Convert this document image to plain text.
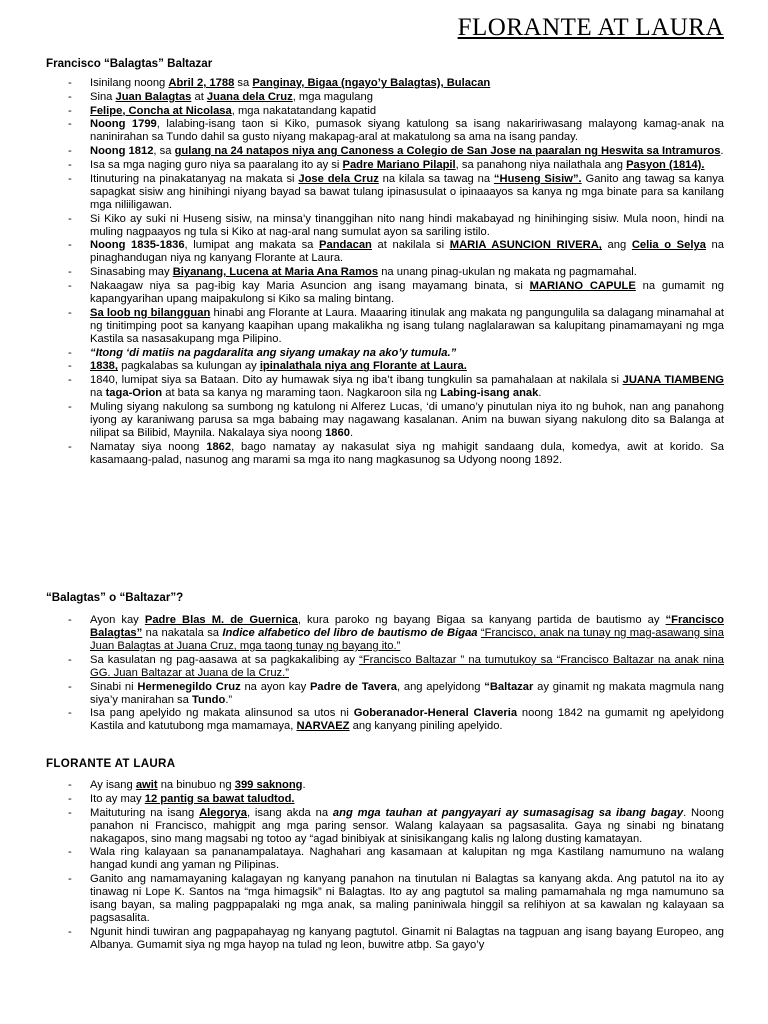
FLORANTE AT LAURA
Francisco “Balagtas” Baltazar
- Isinilang noong Abril 2, 1788 sa Panginay, Bigaa (ngayo’y Balagtas), Bulacan
- Sina Juan Balagtas at Juana dela Cruz, mga magulang
- Felipe, Concha at Nicolasa, mga nakatatandang kapatid
- Noong 1799, lalabing-isang taon si Kiko, pumasok siyang katulong sa isang nakaririwasang malayong kamag-anak na naninirahan sa Tundo dahil sa gusto niyang makapag-aral at makatulong sa ama na isang panday.
- Noong 1812, sa gulang na 24 natapos niya ang Canoness a Colegio de San Jose na paaralan ng Heswita sa Intramuros.
- Isa sa mga naging guro niya sa paaralang ito ay si Padre Mariano Pilapil, sa panahong niya nailathala ang Pasyon (1814).
- Itinuturing na pinakatanyag na makata si Jose dela Cruz na kilala sa tawag na “Huseng Sisiw”. Ganito ang tawag sa kanya sapagkat sisiw ang hinihingi niyang bayad sa bawat tulang ipinasusulat o ipinaaayos sa kanya ng mga binate para sa kanilang mga niliiligawan.
- Si Kiko ay suki ni Huseng sisiw, na minsa’y tinanggihan nito nang hindi makabayad ng hinihinging sisiw. Mula noon, hindi na muling nagpaayos ng tula si Kiko at nag-aral nang sumulat ayon sa sariling istilo.
- Noong 1835-1836, lumipat ang makata sa Pandacan at nakilala si MARIA ASUNCION RIVERA, ang Celia o Selya na pinaghandugan niya ng kanyang Florante at Laura.
- Sinasabing may Biyanang, Lucena at Maria Ana Ramos na unang pinag-ukulan ng makata ng pagmamahal.
- Nakaagaw niya sa pag-ibig kay Maria Asuncion ang isang mayamang binata, si MARIANO CAPULE na gumamit ng kapangyarihan upang maipakulong si Kiko sa maling bintang.
- Sa loob ng bilangguan hinabi ang Florante at Laura. Maaaring itinulak ang makata ng pangungulila sa dalagang minamahal at ng tinitimping poot sa kanyang kaapihan upang makalikha ng isang tulang naglalarawan sa kalupitang pinamamayani ng mga Kastila sa nasasakupang mga Pilipino.
- “Itong ‘di matiis na pagdaralita ang siyang umakay na ako’y tumula.”
- 1838, pagkalabas sa kulungan ay ipinalathala niya ang Florante at Laura.
- 1840, lumipat siya sa Bataan. Dito ay humawak siya ng iba’t ibang tungkulin sa pamahalaan at nakilala si JUANA TIAMBENG na taga-Orion at bata sa kanya ng maraming taon. Nagkaroon sila ng Labing-isang anak.
- Muling siyang nakulong sa sumbong ng katulong ni Alferez Lucas, ‘di umano’y pinutulan niya ito ng buhok, nan ang panahong iyong ay karaniwang parusa sa mga babaing may nagawang kasalanan. Anim na buwan siyang nakulong dito sa Balanga at nilipat sa Bilibid, Maynila. Nakalaya siya noong 1860.
- Namatay siya noong 1862, bago namatay ay nakasulat siya ng mahigit sandaang dula, komedya, awit at korido. Sa kasamaang-palad, nasunog ang marami sa mga ito nang magkasunog sa Udyong noong 1892.
“Balagtas” o “Baltazar”?
- Ayon kay Padre Blas M. de Guernica, kura paroko ng bayang Bigaa sa kanyang partida de bautismo ay “Francisco Balagtas” na nakatala sa Indice alfabetico del libro de bautismo de Bigaa “Francisco, anak na tunay ng mag-asawang sina Juan Balagtas at Juana Cruz, mga taong tunay ng bayang ito.”
- Sa kasulatan ng pag-aasawa at sa pagkakalibing ay “Francisco Baltazar ” na tumutukoy sa “Francisco Baltazar na anak nina GG. Juan Baltazar at Juana de la Cruz.”
- Sinabi ni Hermenegildo Cruz na ayon kay Padre de Tavera, ang apelyidong “Baltazar ay ginamit ng makata magmula nang siya’y manirahan sa Tundo.”
- Isa pang apelyido ng makata alinsunod sa utos ni Goberanador-Heneral Claveria noong 1842 na gumamit ng apelyidong Kastila and katutubong mga mamamaya, NARVAEZ ang kanyang piniling apelyido.
FLORANTE AT LAURA
- Ay isang awit na binubuo ng 399 saknong.
- Ito ay may 12 pantig sa bawat taludtod.
- Maituturing na isang Alegorya, isang akda na ang mga tauhan at pangyayari ay sumasagisag sa ibang bagay. Noong panahon ni Francisco, mahigpit ang mga paring sensor. Walang kalayaan sa pagsasalita. Gaya ng sinabi ng binatang nakagapos, sino mang magsabi ng totoo ay “agad binibiyak at sinisikangang kalis ng lalong dusting kamatayan.
- Wala ring kalayaan sa pananampalataya. Naghahari ang kasamaan at kalupitan ng mga Kastilang namumuno na walang hangad kundi ang yaman ng Pilipinas.
- Ganito ang namamayaning kalagayan ng kanyang panahon na tinutulan ni Balagtas sa kanyang akda. Ang patutol na ito ay tinawag ni Lope K. Santos na “mga himagsik” ni Balagtas. Ito ay ang pagtutol sa maling pamamahala ng mga namumuno sa isang bayan, sa maling pagppapalaki ng mga anak, sa maling paniniwala hinggil sa relihiyon at sa kawalan ng kalayaan sa pagsasalita.
- Ngunit hindi tuwiran ang pagpapahayag ng kanyang pagtutol. Ginamit ni Balagtas na tagpuan ang isang bayang Europeo, ang Albanya. Gumamit siya ng mga hayop na tulad ng leon, buwitre atbp. Sa gayo’y
